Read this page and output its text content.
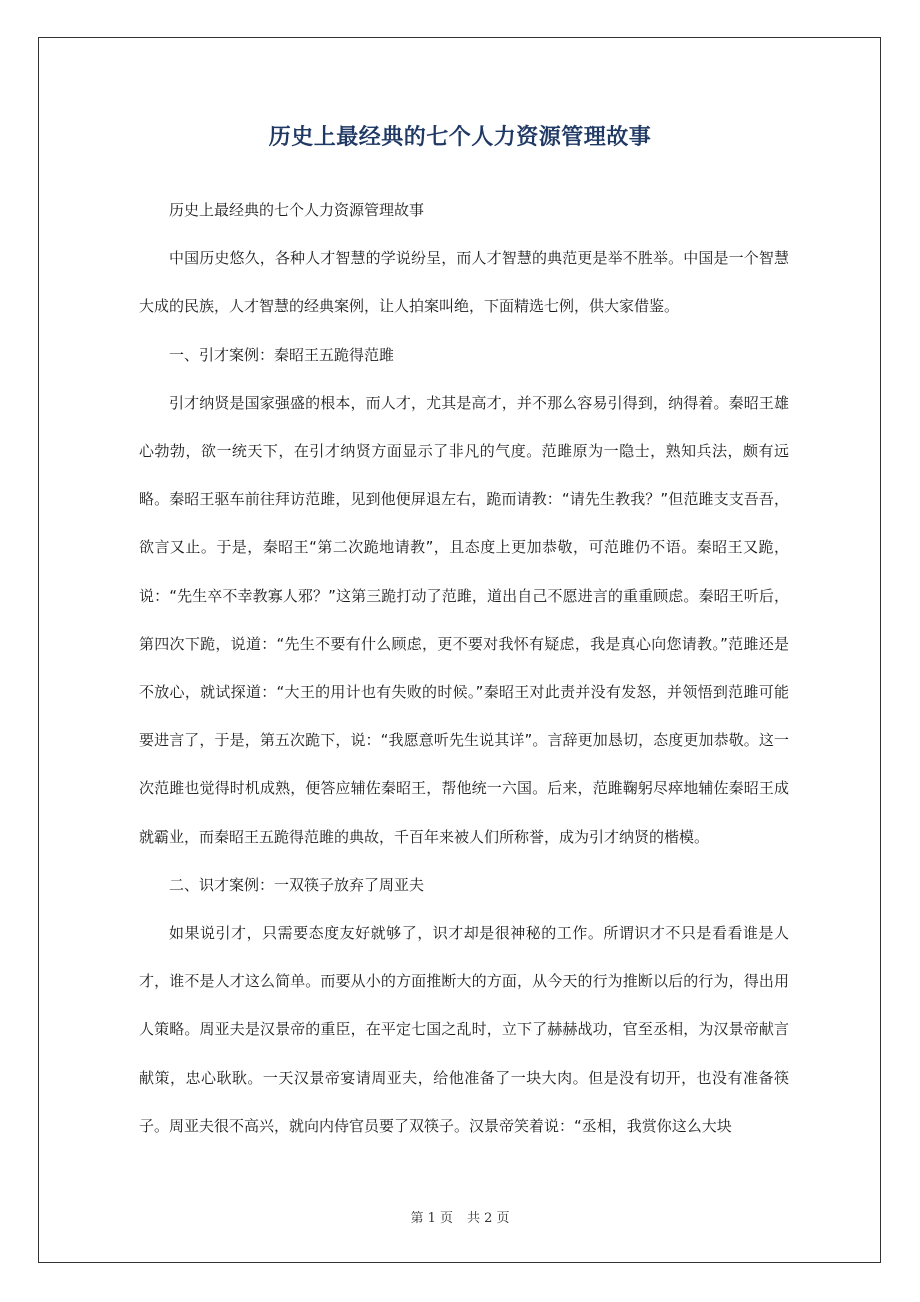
历史上最经典的七个人力资源管理故事

历史上最经典的七个人力资源管理故事

中国历史悠久，各种人才智慧的学说纷呈，而人才智慧的典范更是举不胜举。中国是一个智慧大成的民族，人才智慧的经典案例，让人拍案叫绝，下面精选七例，供大家借鉴。

一、引才案例：秦昭王五跪得范雎

引才纳贤是国家强盛的根本，而人才，尤其是高才，并不那么容易引得到，纳得着。秦昭王雄心勃勃，欲一统天下，在引才纳贤方面显示了非凡的气度。范雎原为一隐士，熟知兵法，颇有远略。秦昭王驱车前往拜访范雎，见到他便屏退左右，跪而请教：“请先生教我？”但范雎支支吾吾，欲言又止。于是，秦昭王“第二次跪地请教”，且态度上更加恭敬，可范雎仍不语。秦昭王又跪，说：“先生卒不幸教寡人邪？”这第三跪打动了范雎，道出自己不愿进言的重重顾虑。秦昭王听后，第四次下跪，说道：“先生不要有什么顾虑，更不要对我怀有疑虑，我是真心向您请教。”范雎还是不放心，就试探道：“大王的用计也有失败的时候。”秦昭王对此责并没有发怒，并领悟到范雎可能要进言了，于是，第五次跪下，说：“我愿意听先生说其详”。言辞更加恳切，态度更加恭敬。这一次范雎也觉得时机成熟，便答应辅佐秦昭王，帮他统一六国。后来，范雎鞠躬尽瘁地辅佐秦昭王成就霸业，而秦昭王五跪得范雎的典故，千百年来被人们所称誉，成为引才纳贤的楷模。

二、识才案例：一双筷子放弃了周亚夫

如果说引才，只需要态度友好就够了，识才却是很神秘的工作。所谓识才不只是看看谁是人才，谁不是人才这么简单。而要从小的方面推断大的方面，从今天的行为推断以后的行为，得出用人策略。周亚夫是汉景帝的重臣，在平定七国之乱时，立下了赫赫战功，官至丞相，为汉景帝献言献策，忠心耿耿。一天汉景帝宴请周亚夫，给他准备了一块大肉。但是没有切开，也没有准备筷子。周亚夫很不高兴，就向内侍官员要了双筷子。汉景帝笑着说：“丞相，我赏你这么大块

第 1 页 共 2 页
